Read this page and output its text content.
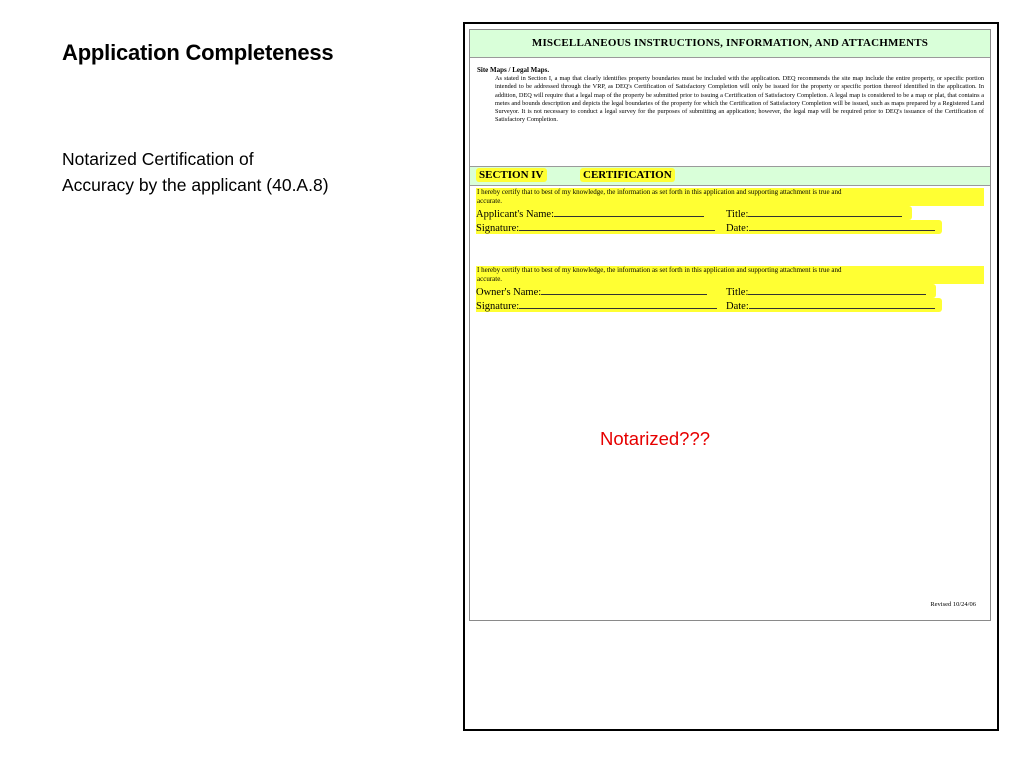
Application Completeness
Notarized Certification of
Accuracy by the applicant (40.A.8)
MISCELLANEOUS INSTRUCTIONS, INFORMATION, AND ATTACHMENTS
Site Maps / Legal Maps.
As stated in Section I, a map that clearly identifies property boundaries must be included with the application. DEQ recommends the site map include the entire property, or specific portion intended to be addressed through the VRP, as DEQ's Certification of Satisfactory Completion will only be issued for the property or specific portion thereof identified in the application. In addition, DEQ will require that a legal map of the property be submitted prior to issuing a Certification of Satisfactory Completion. A legal map is considered to be a map or plat, that contains a metes and bounds description and depicts the legal boundaries of the property for which the Certification of Satisfactory Completion will be issued, such as maps prepared by a Registered Land Surveyor. It is not necessary to conduct a legal survey for the purposes of submitting an application; however, the legal map will be required prior to DEQ's issuance of the Certification of Satisfactory Completion.
SECTION IV	CERTIFICATION
I hereby certify that to best of my knowledge, the information as set forth in this application and supporting attachment is true and
accurate.
Applicant's Name:	Title:
Signature:	Date:
I hereby certify that to best of my knowledge, the information as set forth in this application and supporting attachment is true and
accurate.
Owner's Name:	Title:
Signature:	Date:
Revised 10/24/06
Notarized???
